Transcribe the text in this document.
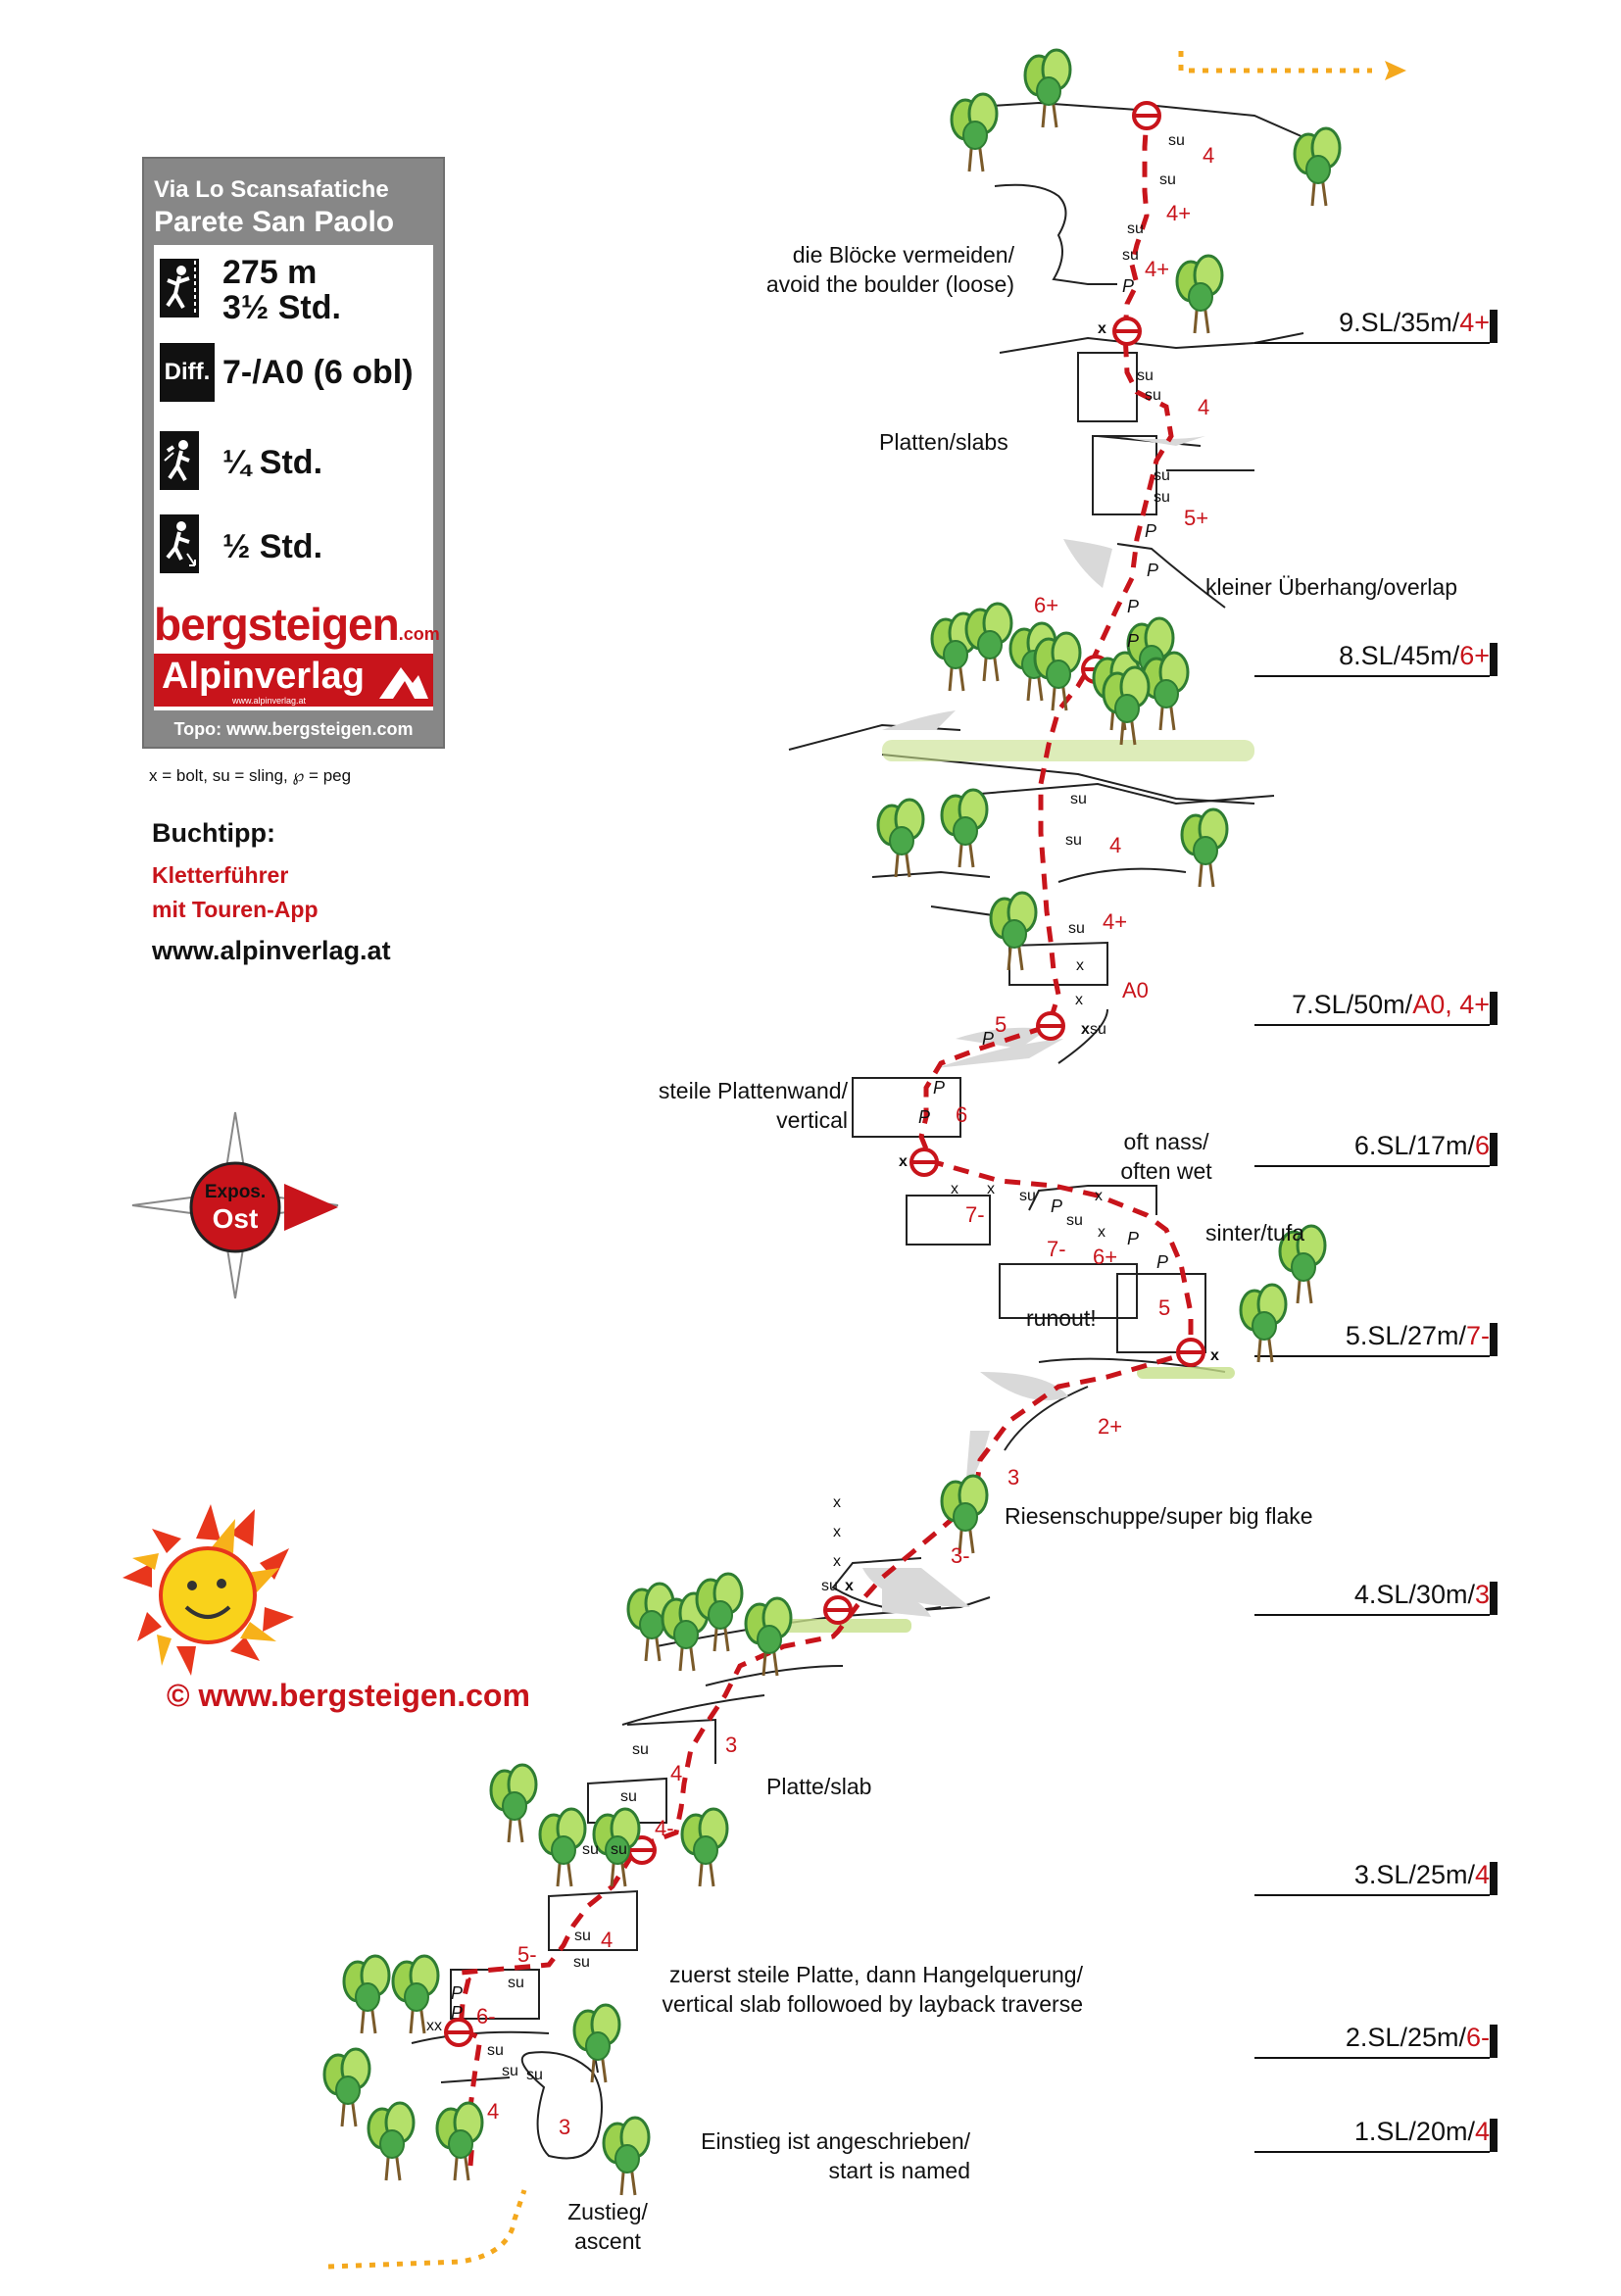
Via Lo Scansafatiche
Parete San Paolo
275 m
3½ Std.
Diff. 7-/A0 (6 obl)
¼ Std.
½ Std.
bergsteigen.com
Alpinverlag
www.alpinverlag.at
Topo: www.bergsteigen.com
x = bolt, su = sling, ℘ = peg
Buchtipp:
Kletterführer
mit Touren-App
www.alpinverlag.at
Expos.
Ost
© www.bergsteigen.com
9.SL/35m/4+
8.SL/45m/6+
7.SL/50m/A0, 4+
6.SL/17m/6
5.SL/27m/7-
4.SL/30m/3
3.SL/25m/4
2.SL/25m/6-
1.SL/20m/4
die Blöcke vermeiden/
avoid the boulder (loose)
Platten/slabs
kleiner Überhang/overlap
steile Plattenwand/
vertical
oft nass/
often wet
sinter/tufa
runout!
Riesenschuppe/super big flake
Platte/slab
zuerst steile Platte, dann Hangelquerung/
vertical slab followoed by layback traverse
Einstieg ist angeschrieben/
start is named
Zustieg/
ascent
4
4+
4+
4
5+
6+
4
4+
A0
5
6
7-
7- 6+
5
2+
3
3-
3
4
4-
5-
4
6-
4
3
su
su
su
su
x
su
su
su
su
su
su
su
x
x
x su
x
x x su
su
x
x
x
x
x
x
su x
su
su
su su
su
su
xx
su
su
su su
P
P
P
P
P
P
P
P
P
P
P
P
P
